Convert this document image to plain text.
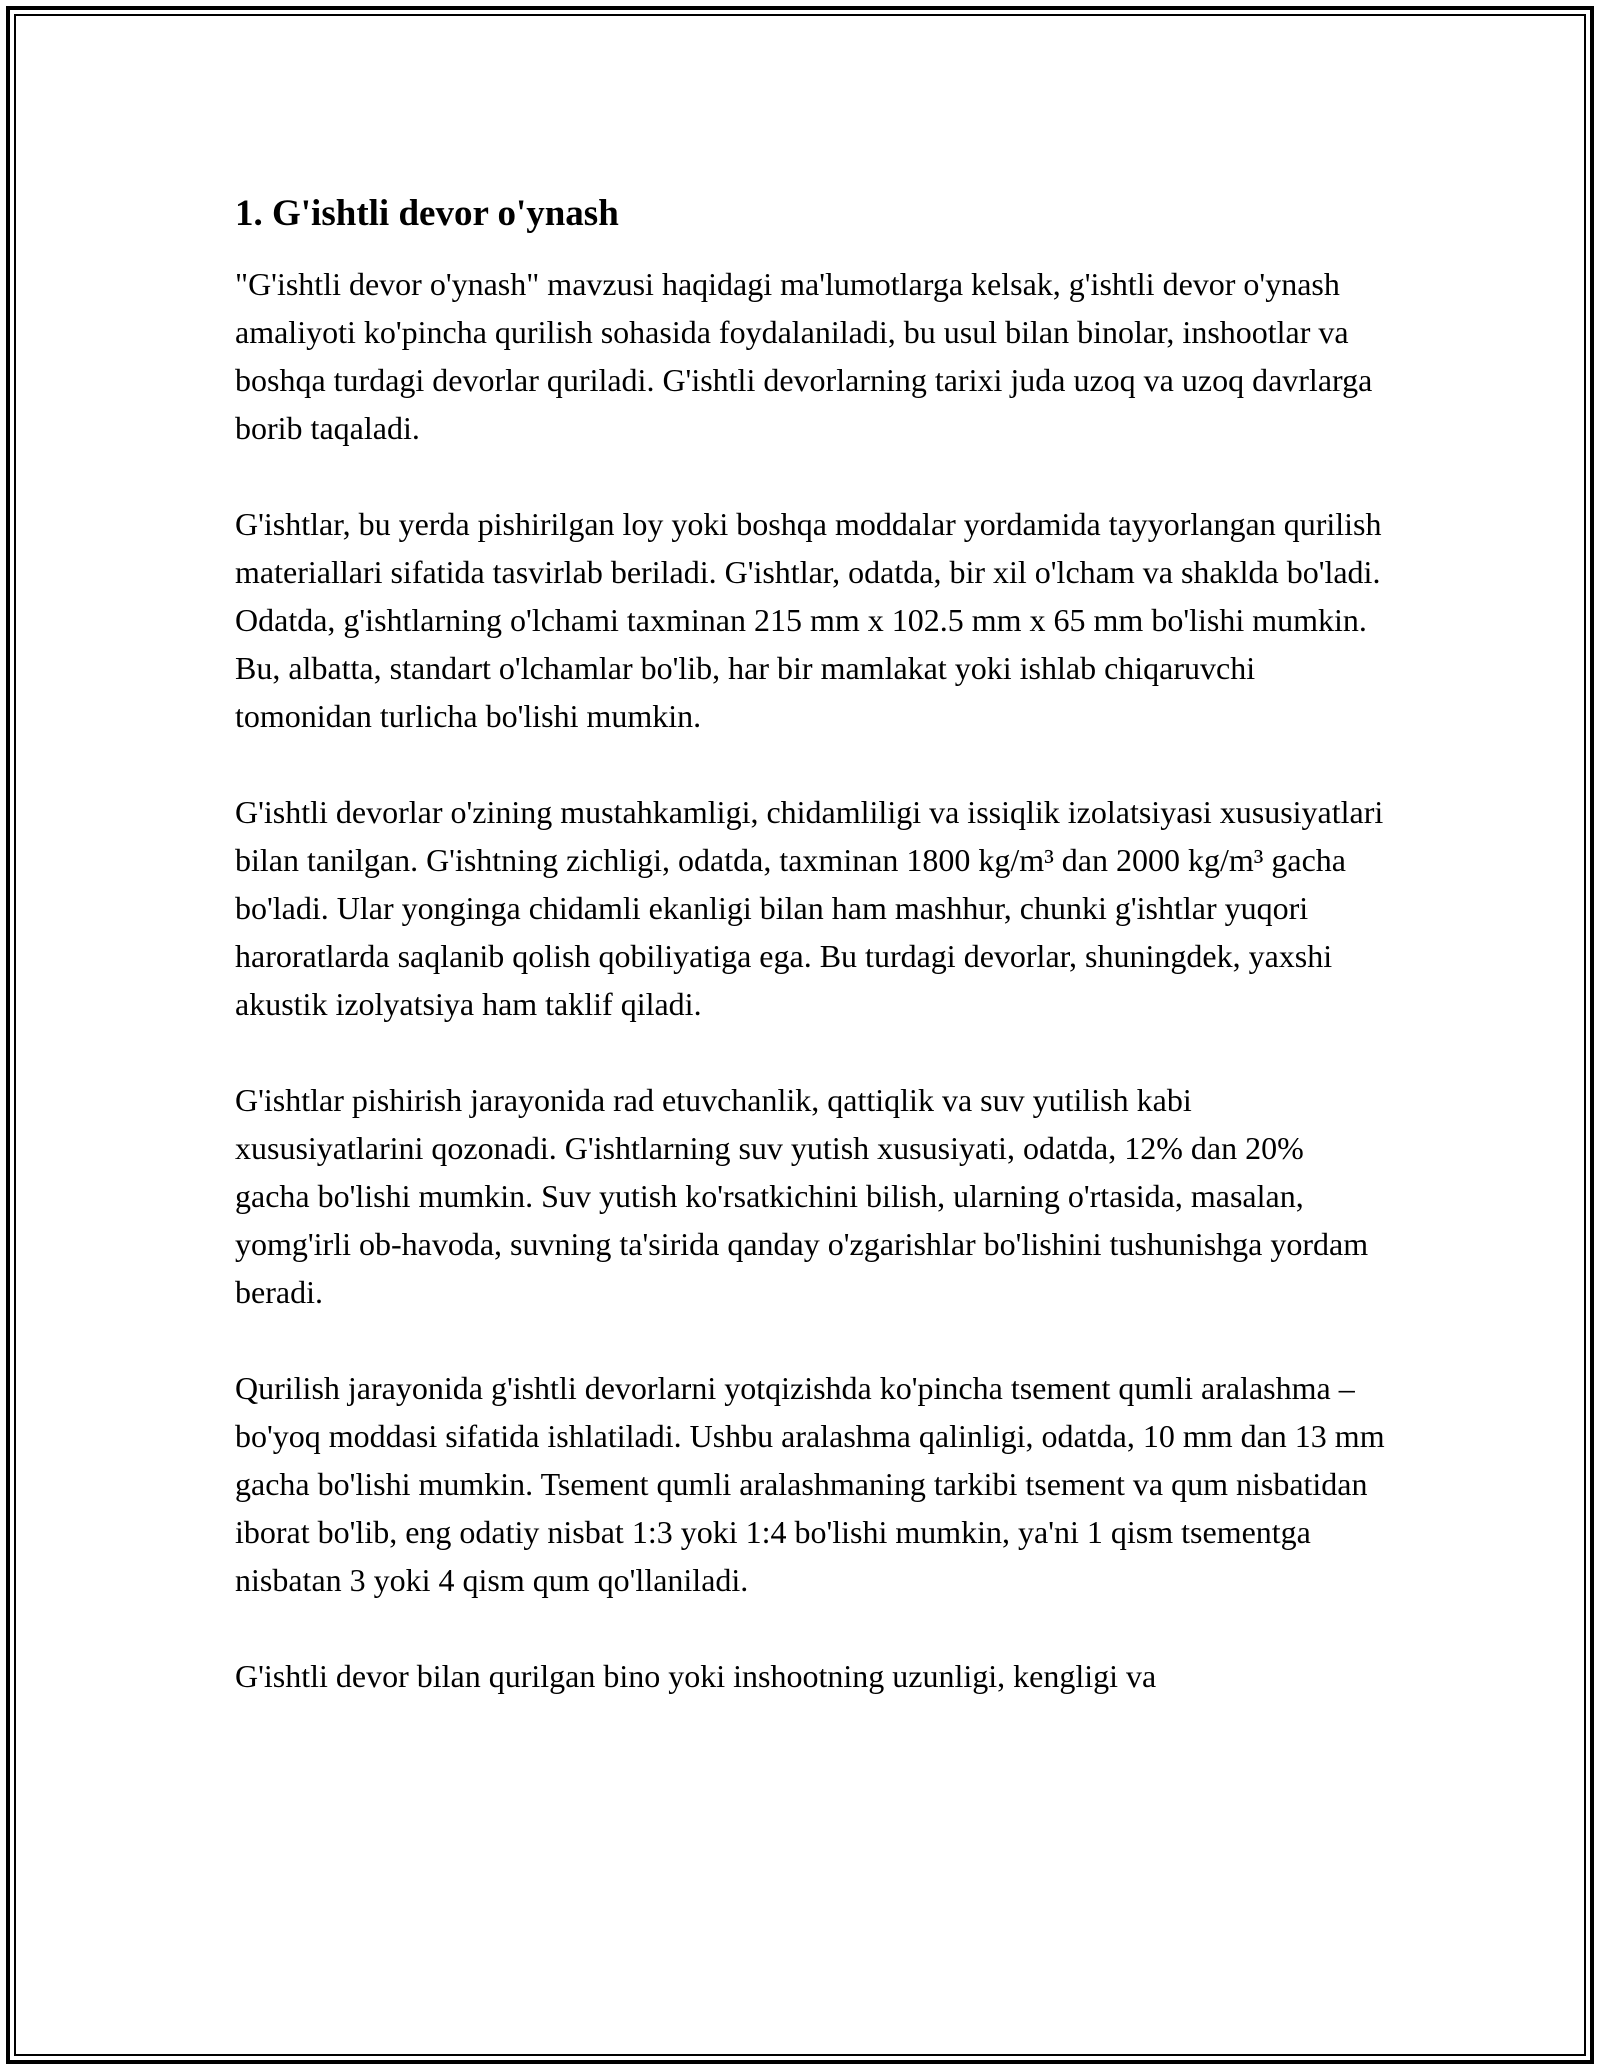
1. G'ishtli devor o'ynash

"G'ishtli devor o'ynash" mavzusi haqidagi ma'lumotlarga kelsak, g'ishtli devor o'ynash amaliyoti ko'pincha qurilish sohasida foydalaniladi, bu usul bilan binolar, inshootlar va boshqa turdagi devorlar quriladi. G'ishtli devorlarning tarixi juda uzoq va uzoq davrlarga borib taqaladi.

G'ishtlar, bu yerda pishirilgan loy yoki boshqa moddalar yordamida tayyorlangan qurilish materiallari sifatida tasvirlab beriladi. G'ishtlar, odatda, bir xil o'lcham va shaklda bo'ladi. Odatda, g'ishtlarning o'lchami taxminan 215 mm x 102.5 mm x 65 mm bo'lishi mumkin. Bu, albatta, standart o'lchamlar bo'lib, har bir mamlakat yoki ishlab chiqaruvchi tomonidan turlicha bo'lishi mumkin.

G'ishtli devorlar o'zining mustahkamligi, chidamliligi va issiqlik izolatsiyasi xususiyatlari bilan tanilgan. G'ishtning zichligi, odatda, taxminan 1800 kg/m³ dan 2000 kg/m³ gacha bo'ladi. Ular yonginga chidamli ekanligi bilan ham mashhur, chunki g'ishtlar yuqori haroratlarda saqlanib qolish qobiliyatiga ega. Bu turdagi devorlar, shuningdek, yaxshi akustik izolyatsiya ham taklif qiladi.

G'ishtlar pishirish jarayonida rad etuvchanlik, qattiqlik va suv yutilish kabi xususiyatlarini qozonadi. G'ishtlarning suv yutish xususiyati, odatda, 12% dan 20% gacha bo'lishi mumkin. Suv yutish ko'rsatkichini bilish, ularning o'rtasida, masalan, yomg'irli ob-havoda, suvning ta'sirida qanday o'zgarishlar bo'lishini tushunishga yordam beradi.

Qurilish jarayonida g'ishtli devorlarni yotqizishda ko'pincha tsement qumli aralashma – bo'yoq moddasi sifatida ishlatiladi. Ushbu aralashma qalinligi, odatda, 10 mm dan 13 mm gacha bo'lishi mumkin. Tsement qumli aralashmaning tarkibi tsement va qum nisbatidan iborat bo'lib, eng odatiy nisbat 1:3 yoki 1:4 bo'lishi mumkin, ya'ni 1 qism tsementga nisbatan 3 yoki 4 qism qum qo'llaniladi.

G'ishtli devor bilan qurilgan bino yoki inshootning uzunligi, kengligi va
